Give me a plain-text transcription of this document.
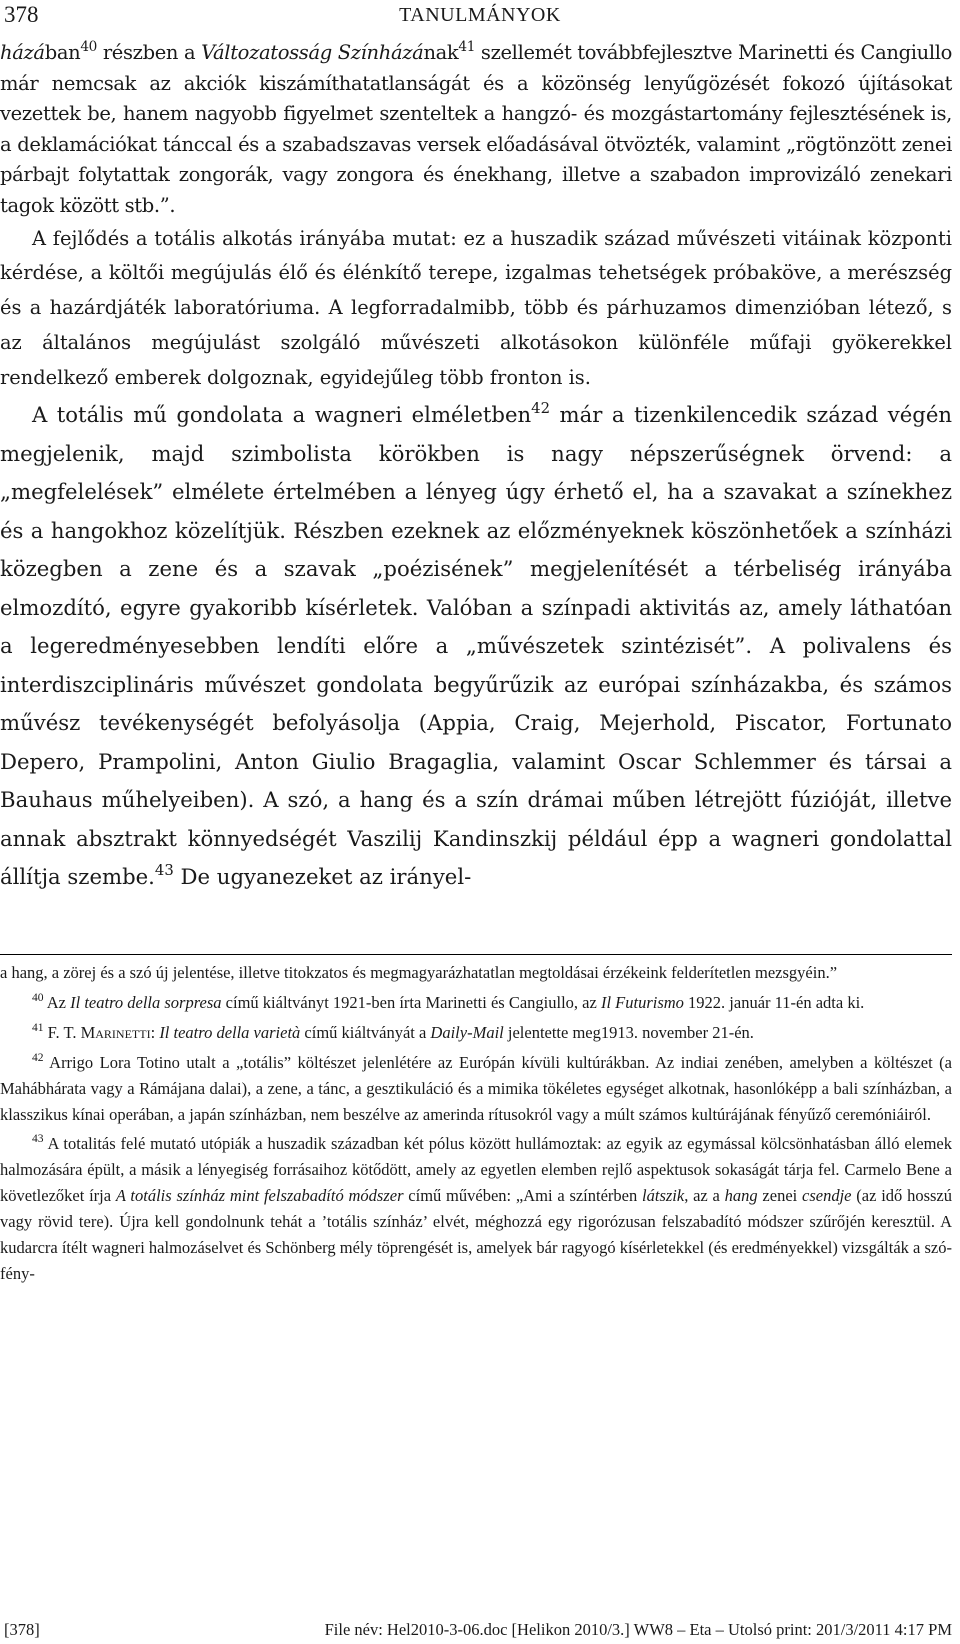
378	TANULMÁNYOK

házában$^{40}$ részben a Változatosság Színházának$^{41}$ szellemét továbbfejlesztve Marinetti és Cangiullo már nemcsak az akciók kiszámíthatatlanságát és a közönség lenyűgözését fokozó újításokat vezettek be, hanem nagyobb figyelmet szenteltek a hangzó- és mozgástartomány fejlesztésének is, a deklamációkat tánccal és a szabadszavas versek előadásával ötvözték, valamint „rögtönzött zenei párbajt folytattak zongorák, vagy zongora és énekhang, illetve a szabadon improvizáló zenekari tagok között stb.”.

A fejlődés a totális alkotás irányába mutat: ez a huszadik század művészeti vitáinak központi kérdése, a költői megújulás élő és élénkítő terepe, izgalmas tehetségek próbaköve, a merészség és a hazárdjáték laboratóriuma. A legforradalmibb, több és párhuzamos dimenzióban létező, s az általános megújulást szolgáló művészeti alkotásokon különféle műfaji gyökerekkel rendelkező emberek dolgoznak, egyidejűleg több fronton is.

A totális mű gondolata a wagneri elméletben$^{42}$ már a tizenkilencedik század végén megjelenik, majd szimbolista körökben is nagy népszerűségnek örvend: a „megfelelések” elmélete értelmében a lényeg úgy érhető el, ha a szavakat a színekhez és a hangokhoz közelítjük. Részben ezeknek az előzményeknek köszönhetőek a színházi közegben a zene és a szavak „poézisének” megjelenítését a térbeliség irányába elmozdító, egyre gyakoribb kísérletek. Valóban a színpadi aktivitás az, amely láthatóan a legeredményesebben lendíti előre a „művészetek szintézisét”. A polivalens és interdiszciplináris művészet gondolata begyűrűzik az európai színházakba, és számos művész tevékenységét befolyásolja (Appia, Craig, Mejerhold, Piscator, Fortunato Depero, Prampolini, Anton Giulio Bragaglia, valamint Oscar Schlemmer és társai a Bauhaus műhelyeiben). A szó, a hang és a szín drámai műben létrejött fúzióját, illetve annak absztrakt könnyedségét Vaszilij Kandinszkij például épp a wagneri gondolattal állítja szembe.$^{43}$ De ugyanezeket az irányel-

a hang, a zörej és a szó új jelentése, illetve titokzatos és megmagyarázhatatlan megtoldásai érzékeink felderítetlen mezsgyéin.”

$^{40}$ Az Il teatro della sorpresa című kiáltványt 1921-ben írta Marinetti és Cangiullo, az Il Futurismo 1922. január 11-én adta ki.

$^{41}$ F. T. Marinetti: Il teatro della varietà című kiáltványát a Daily-Mail jelentette meg1913. november 21-én.

$^{42}$ Arrigo Lora Totino utalt a „totális” költészet jelenlétére az Európán kívüli kultúrákban. Az indiai zenében, amelyben a költészet (a Mahábhárata vagy a Rámájana dalai), a zene, a tánc, a gesztikuláció és a mimika tökéletes egységet alkotnak, hasonlóképp a bali színházban, a klasszikus kínai operában, a japán színházban, nem beszélve az amerinda rítusokról vagy a múlt számos kultúrájának fényűző ceremóniáiról.

$^{43}$ A totalitás felé mutató utópiák a huszadik században két pólus között hullámoztak: az egyik az egymással kölcsönhatásban álló elemek halmozására épült, a másik a lényegiség forrásaihoz kötődött, amely az egyetlen elemben rejlő aspektusok sokaságát tárja fel. Carmelo Bene a követlezőket írja A totális színház mint felszabadító módszer című művében: „Ami a színtérben látszik, az a hang zenei csendje (az idő hosszú vagy rövid tere). Újra kell gondolnunk tehát a ’totális színház’ elvét, méghozzá egy rigorózusan felszabadító módszer szűrőjén keresztül. A kudarcra ítélt wagneri halmozáselvet és Schönberg mély töprengését is, amelyek bár ragyogó kísérletekkel (és eredményekkel) vizsgálták a szó-fény-

[378]	File név: Hel2010-3-06.doc [Helikon 2010/3.] WW8 – Eta – Utolsó print: 201/3/2011 4:17 PM
